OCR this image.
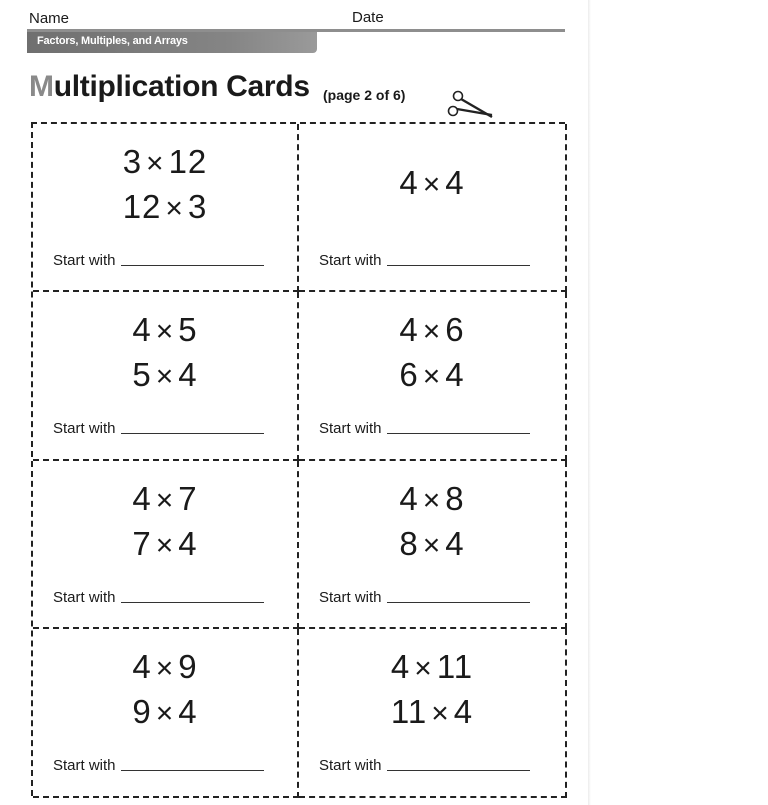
Name	Date
Factors, Multiples, and Arrays
Multiplication Cards (page 2 of 6)
3 × 12
12 × 3
Start with
4 × 4
Start with
4 × 5
5 × 4
Start with
4 × 6
6 × 4
Start with
4 × 7
7 × 4
Start with
4 × 8
8 × 4
Start with
4 × 9
9 × 4
Start with
4 × 11
11 × 4
Start with
